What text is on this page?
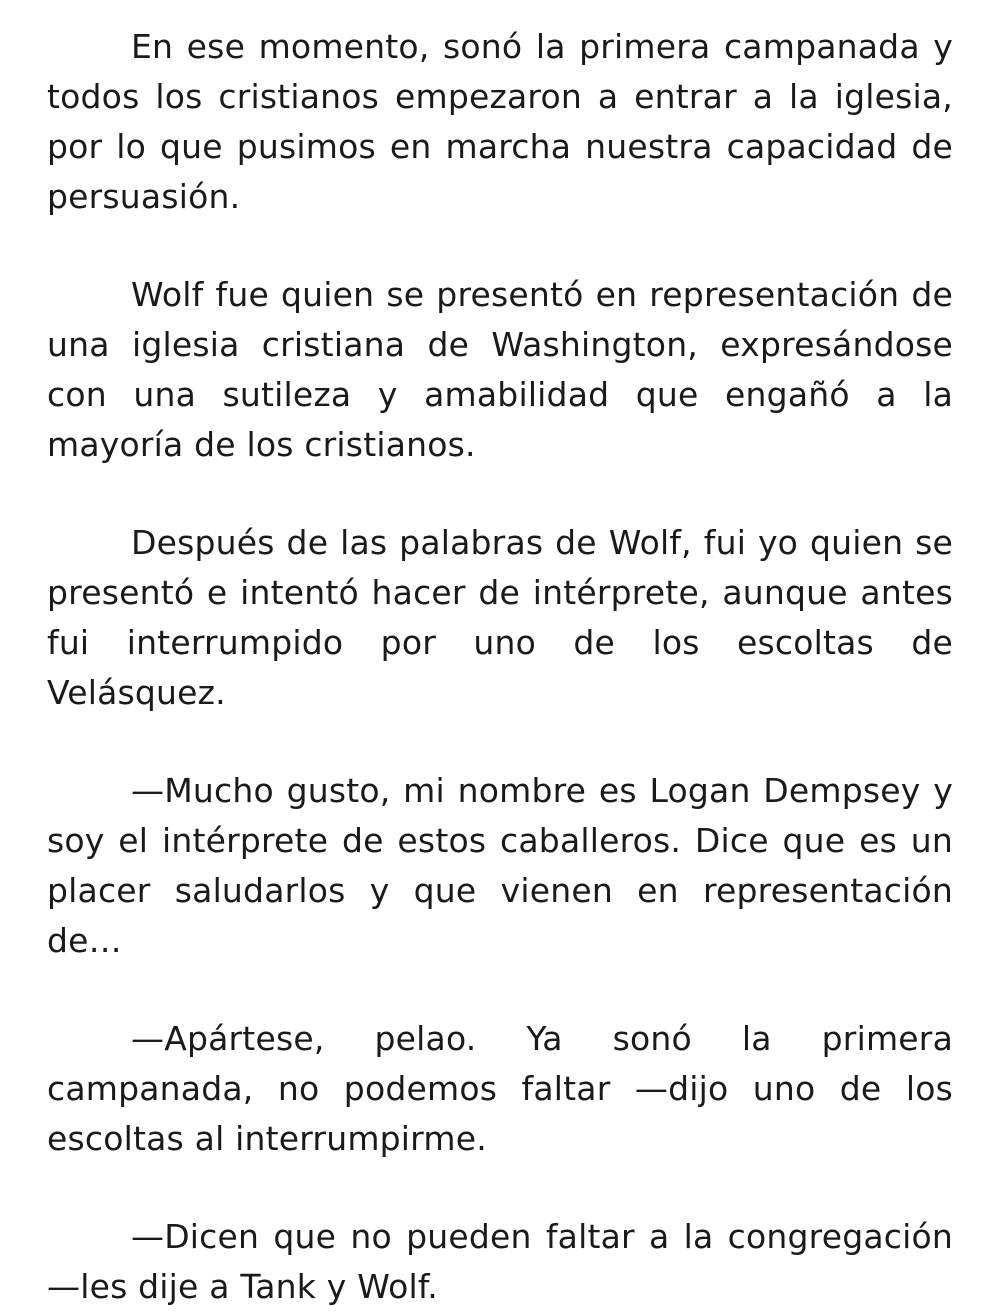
En ese momento, sonó la primera campanada y todos los cristianos empezaron a entrar a la iglesia, por lo que pusimos en marcha nuestra capacidad de persuasión.

Wolf fue quien se presentó en representación de una iglesia cristiana de Washington, expresándose con una sutileza y amabilidad que engañó a la mayoría de los cristianos.

Después de las palabras de Wolf, fui yo quien se presentó e intentó hacer de intérprete, aunque antes fui interrumpido por uno de los escoltas de Velásquez.

—Mucho gusto, mi nombre es Logan Dempsey y soy el intérprete de estos caballeros. Dice que es un placer saludarlos y que vienen en representación de…

—Apártese, pelao. Ya sonó la primera campanada, no podemos faltar —dijo uno de los escoltas al interrumpirme.

—Dicen que no pueden faltar a la congregación —les dije a Tank y Wolf.
